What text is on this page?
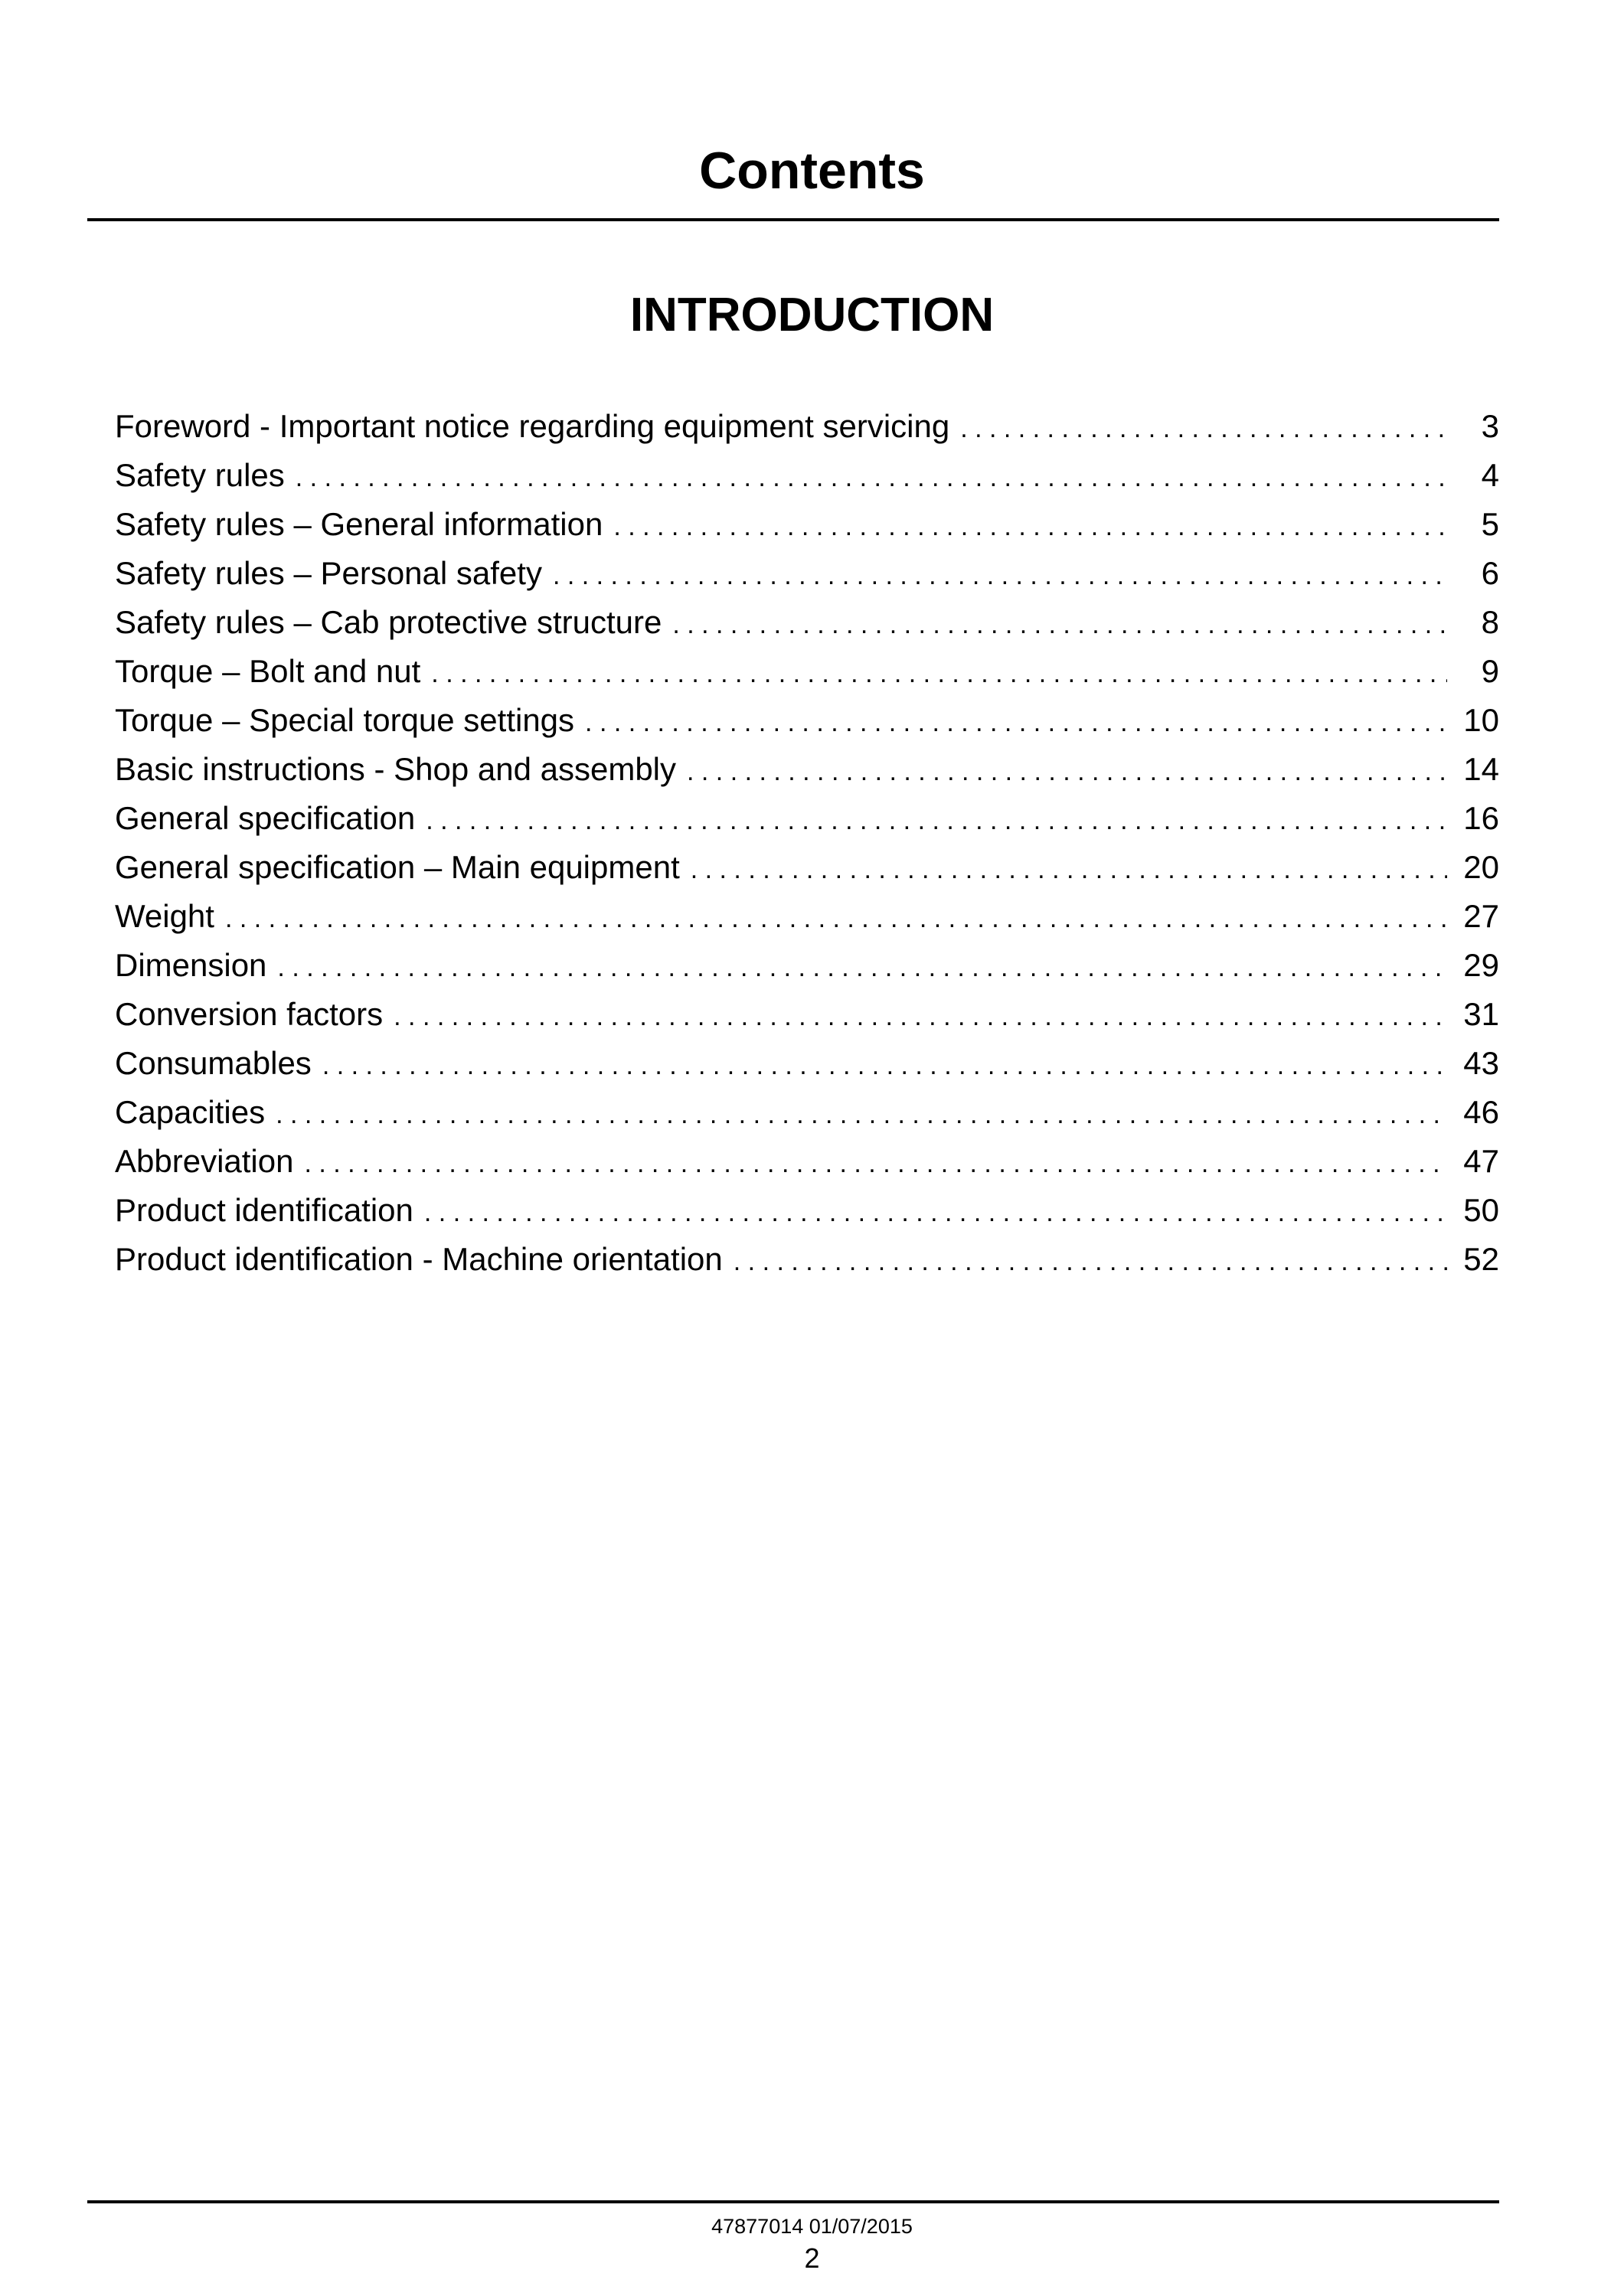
Contents
INTRODUCTION
Foreword - Important notice regarding equipment servicing . . .	3
Safety rules . . .	4
Safety rules – General information . . .	5
Safety rules – Personal safety . . .	6
Safety rules – Cab protective structure . . .	8
Torque – Bolt and nut . . .	9
Torque – Special torque settings . . .	10
Basic instructions - Shop and assembly . . .	14
General specification . . .	16
General specification – Main equipment . . .	20
Weight . . .	27
Dimension . . .	29
Conversion factors . . .	31
Consumables . . .	43
Capacities . . .	46
Abbreviation . . .	47
Product identification . . .	50
Product identification - Machine orientation . . .	52
47877014 01/07/2015
2
